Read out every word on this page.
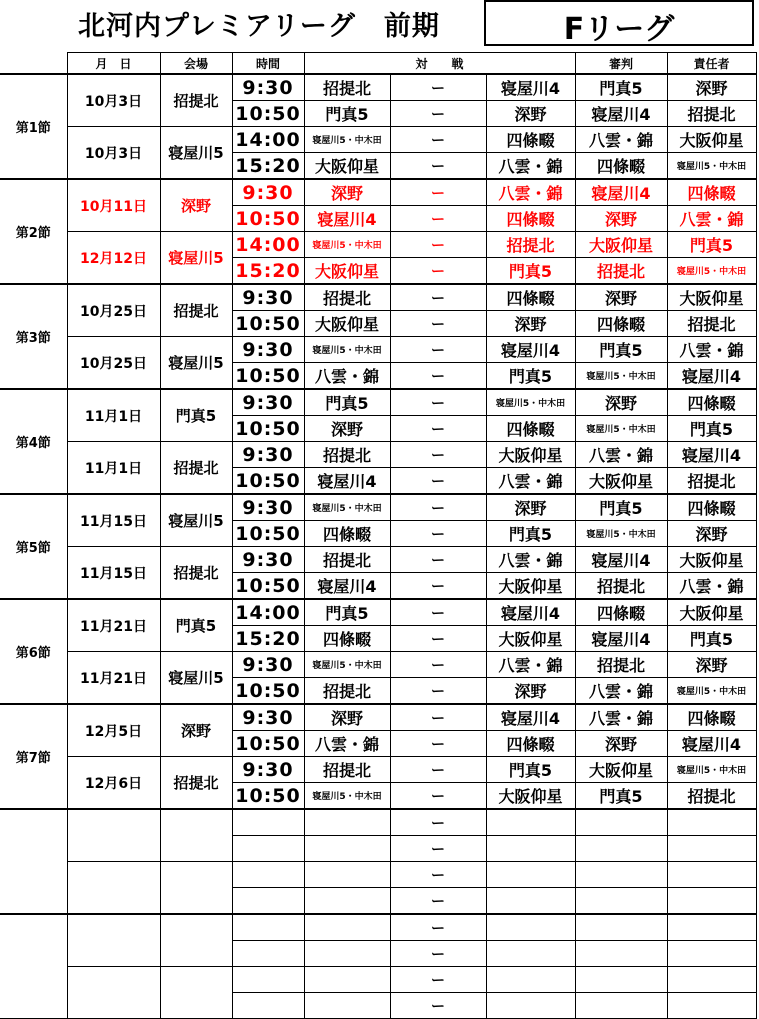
北河内プレミアリーグ　前期	Fリーグ
	月　日	会場	時間	対　　戦			審判	責任者
第1節	10月3日	招提北	9:30	招提北	ー	寝屋川4	門真5	深野
			10:50	門真5	ー	深野	寝屋川4	招提北
	10月3日	寝屋川5	14:00	寝屋川5・中木田	ー	四條畷	八雲・錦	大阪仰星
			15:20	大阪仰星	ー	八雲・錦	四條畷	寝屋川5・中木田
第2節	10月11日	深野	9:30	深野	ー	八雲・錦	寝屋川4	四條畷
			10:50	寝屋川4	ー	四條畷	深野	八雲・錦
	12月12日	寝屋川5	14:00	寝屋川5・中木田	ー	招提北	大阪仰星	門真5
			15:20	大阪仰星	ー	門真5	招提北	寝屋川5・中木田
第3節	10月25日	招提北	9:30	招提北	ー	四條畷	深野	大阪仰星
			10:50	大阪仰星	ー	深野	四條畷	招提北
	10月25日	寝屋川5	9:30	寝屋川5・中木田	ー	寝屋川4	門真5	八雲・錦
			10:50	八雲・錦	ー	門真5	寝屋川5・中木田	寝屋川4
第4節	11月1日	門真5	9:30	門真5	ー	寝屋川5・中木田	深野	四條畷
			10:50	深野	ー	四條畷	寝屋川5・中木田	門真5
	11月1日	招提北	9:30	招提北	ー	大阪仰星	八雲・錦	寝屋川4
			10:50	寝屋川4	ー	八雲・錦	大阪仰星	招提北
第5節	11月15日	寝屋川5	9:30	寝屋川5・中木田	ー	深野	門真5	四條畷
			10:50	四條畷	ー	門真5	寝屋川5・中木田	深野
	11月15日	招提北	9:30	招提北	ー	八雲・錦	寝屋川4	大阪仰星
			10:50	寝屋川4	ー	大阪仰星	招提北	八雲・錦
第6節	11月21日	門真5	14:00	門真5	ー	寝屋川4	四條畷	大阪仰星
			15:20	四條畷	ー	大阪仰星	寝屋川4	門真5
	11月21日	寝屋川5	9:30	寝屋川5・中木田	ー	八雲・錦	招提北	深野
			10:50	招提北	ー	深野	八雲・錦	寝屋川5・中木田
第7節	12月5日	深野	9:30	深野	ー	寝屋川4	八雲・錦	四條畷
			10:50	八雲・錦	ー	四條畷	深野	寝屋川4
	12月6日	招提北	9:30	招提北	ー	門真5	大阪仰星	寝屋川5・中木田
			10:50	寝屋川5・中木田	ー	大阪仰星	門真5	招提北
					ー			
					ー			
					ー			
					ー			
					ー			
					ー			
					ー			
					ー			
